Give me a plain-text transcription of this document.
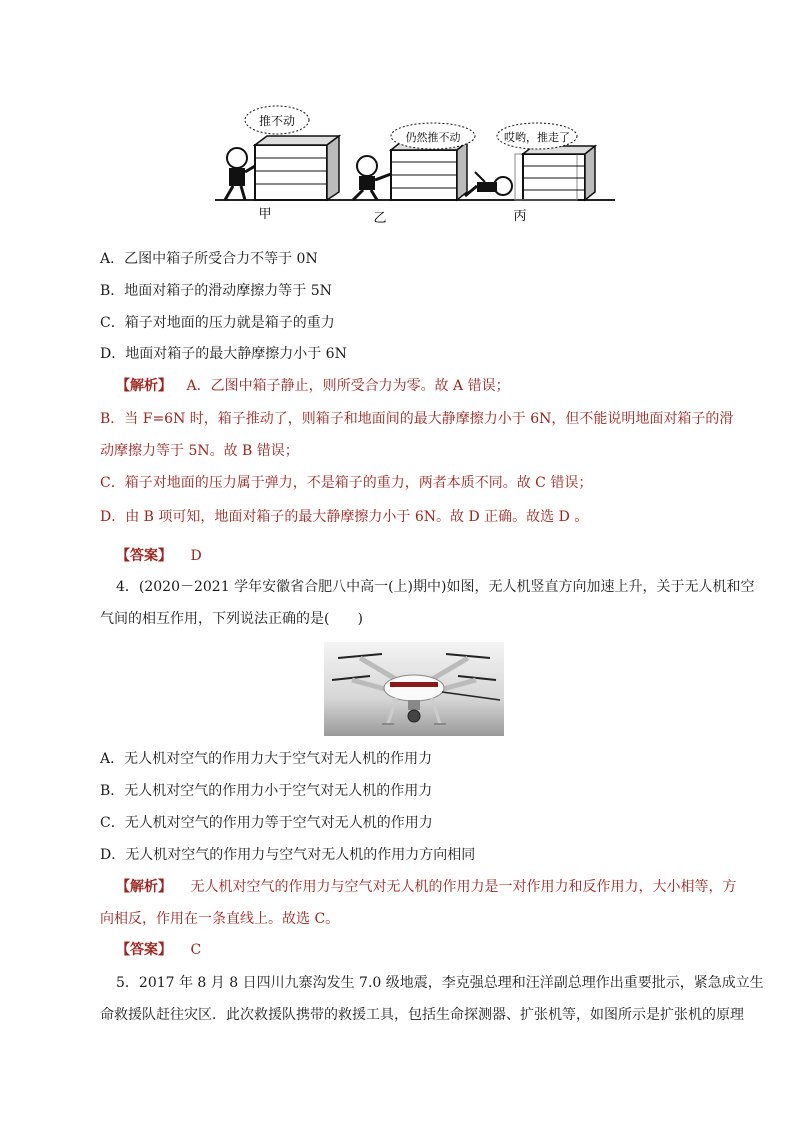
推不动
仍然推不动	哎哟，推走了
甲	乙	丙
A．乙图中箱子所受合力不等于 0N
B．地面对箱子的滑动摩擦力等于 5N
C．箱子对地面的压力就是箱子的重力
D．地面对箱子的最大静摩擦力小于 6N
【解析】 A．乙图中箱子静止，则所受合力为零。故 A 错误；
B．当 F=6N 时，箱子推动了，则箱子和地面间的最大静摩擦力小于 6N，但不能说明地面对箱子的滑
动摩擦力等于 5N。故 B 错误；
C．箱子对地面的压力属于弹力，不是箱子的重力，两者本质不同。故 C 错误；
D．由 B 项可知，地面对箱子的最大静摩擦力小于 6N。故 D 正确。故选 D 。
【答案】 D
4．(2020－2021 学年安徽省合肥八中高一(上)期中)如图，无人机竖直方向加速上升，关于无人机和空
气间的相互作用，下列说法正确的是(　　)
A．无人机对空气的作用力大于空气对无人机的作用力
B．无人机对空气的作用力小于空气对无人机的作用力
C．无人机对空气的作用力等于空气对无人机的作用力
D．无人机对空气的作用力与空气对无人机的作用力方向相同
【解析】 无人机对空气的作用力与空气对无人机的作用力是一对作用力和反作用力，大小相等，方
向相反，作用在一条直线上。故选 C。
【答案】 C
5．2017 年 8 月 8 日四川九寨沟发生 7.0 级地震，李克强总理和汪洋副总理作出重要批示，紧急成立生
命救援队赶往灾区．此次救援队携带的救援工具，包括生命探测器、扩张机等，如图所示是扩张机的原理
